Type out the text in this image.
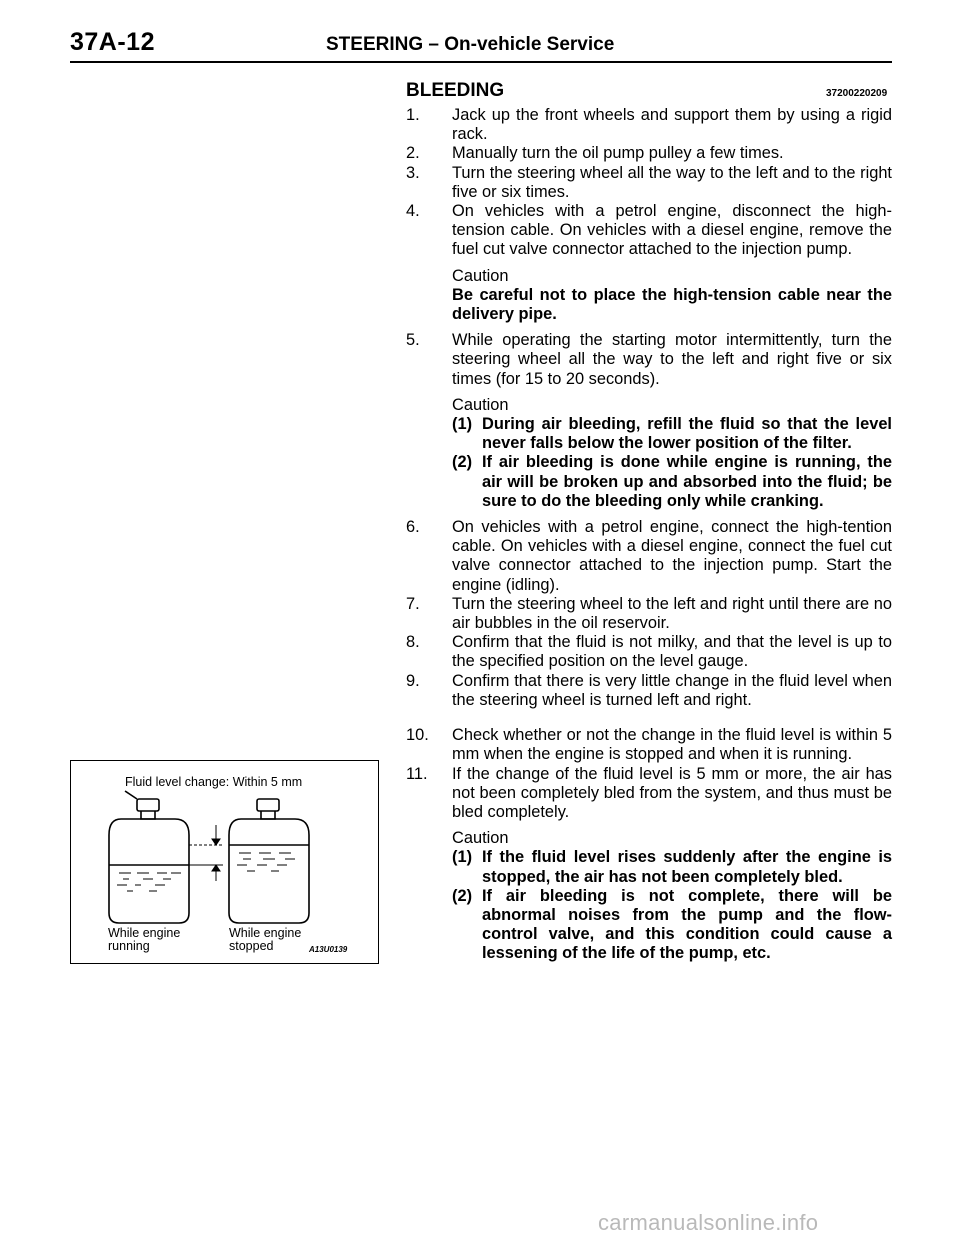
37A-12	STEERING – On-vehicle Service
BLEEDING	37200220209
1. Jack up the front wheels and support them by using a rigid rack.
2. Manually turn the oil pump pulley a few times.
3. Turn the steering wheel all the way to the left and to the right five or six times.
4. On vehicles with a petrol engine, disconnect the high-tension cable. On vehicles with a diesel engine, remove the fuel cut valve connector attached to the injection pump.
Caution
Be careful not to place the high-tension cable near the delivery pipe.
5. While operating the starting motor intermittently, turn the steering wheel all the way to the left and right five or six times (for 15 to 20 seconds).
Caution
(1) During air bleeding, refill the fluid so that the level never falls below the lower position of the filter.
(2) If air bleeding is done while engine is running, the air will be broken up and absorbed into the fluid; be sure to do the bleeding only while cranking.
6. On vehicles with a petrol engine, connect the high-tention cable. On vehicles with a diesel engine, connect the fuel cut valve connector attached to the injection pump. Start the engine (idling).
7. Turn the steering wheel to the left and right until there are no air bubbles in the oil reservoir.
8. Confirm that the fluid is not milky, and that the level is up to the specified position on the level gauge.
9. Confirm that there is very little change in the fluid level when the steering wheel is turned left and right.
10. Check whether or not the change in the fluid level is within 5 mm when the engine is stopped and when it is running.
11. If the change of the fluid level is 5 mm or more, the air has not been completely bled from the system, and thus must be bled completely.
Caution
(1) If the fluid level rises suddenly after the engine is stopped, the air has not been completely bled.
(2) If air bleeding is not complete, there will be abnormal noises from the pump and the flow-control valve, and this condition could cause a lessening of the life of the pump, etc.
Fluid level change: Within 5 mm
While engine
running
While engine
stopped	A13U0139
carmanualsonline.info
